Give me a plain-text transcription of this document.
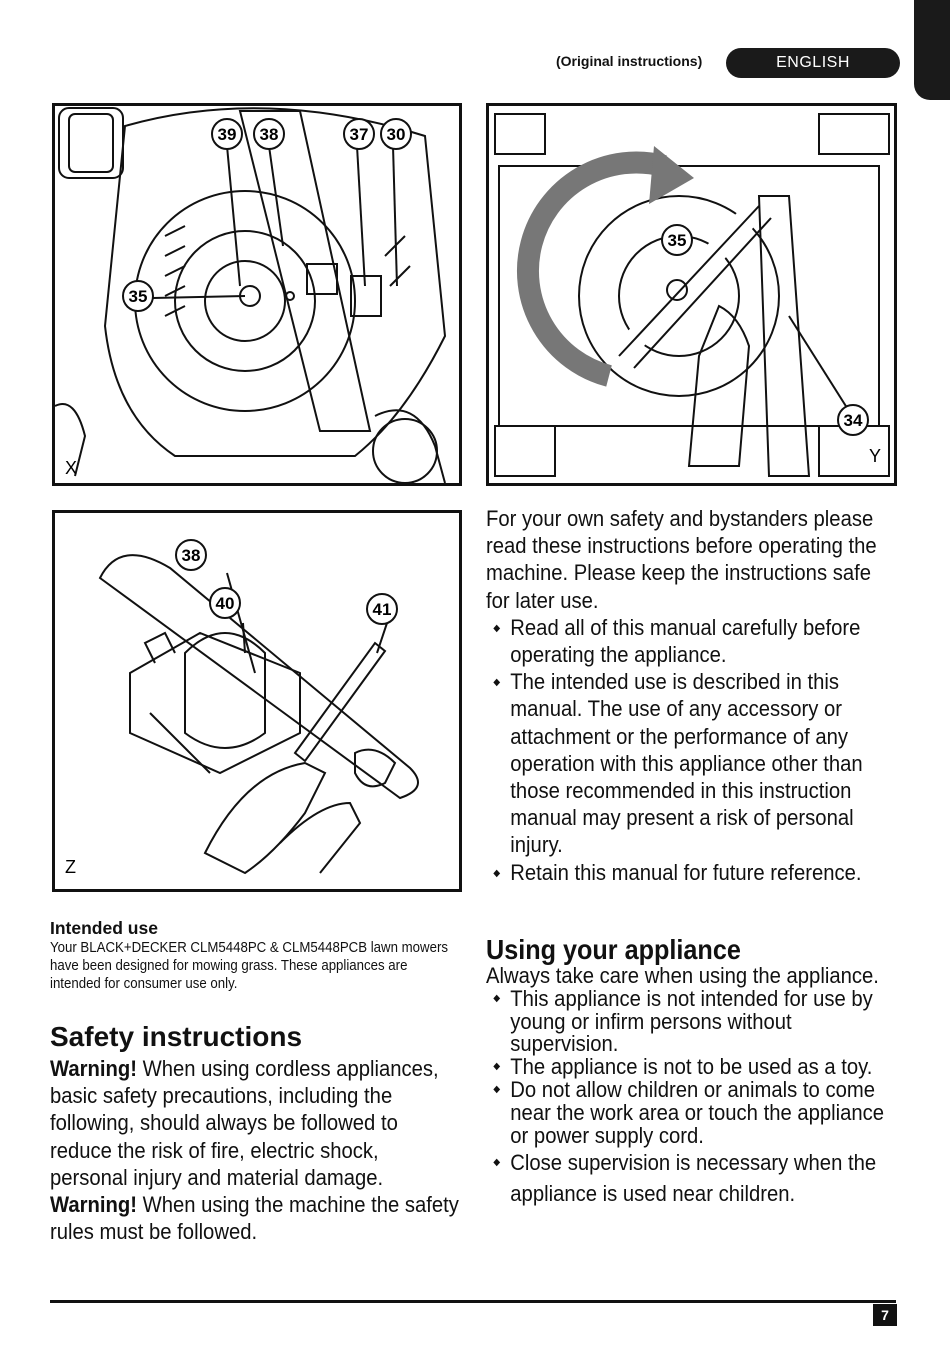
(Original instructions)	ENGLISH
39 38	37 30
35
X
35
34
Y
38
40	41
Z

For your own safety and bystanders please read these instructions before operating the machine. Please keep the instructions safe for later use.

◆ Read all of this manual carefully before operating the appliance.
◆ The intended use is described in this manual. The use of any accessory or attachment or the performance of any operation with this appliance other than those recommended in this instruction manual may present a risk of personal injury.
◆ Retain this manual for future reference.
Using your appliance

Always take care when using the appliance.

◆ This appliance is not intended for use by young or infirm persons without supervision.
◆ The appliance is not to be used as a toy.
◆ Do not allow children or animals to come near the work area or touch the appliance or power supply cord.
◆ Close supervision is necessary when the appliance is used near children.
Intended use
Your BLACK+DECKER CLM5448PC & CLM5448PCB lawn mowers have been designed for mowing grass. These appliances are intended for consumer use only.
Safety instructions
Warning! When using cordless appliances, basic safety precautions, including the following, should always be followed to reduce the risk of fire, electric shock, personal injury and material damage.
Warning! When using the machine the safety rules must be followed.
7
